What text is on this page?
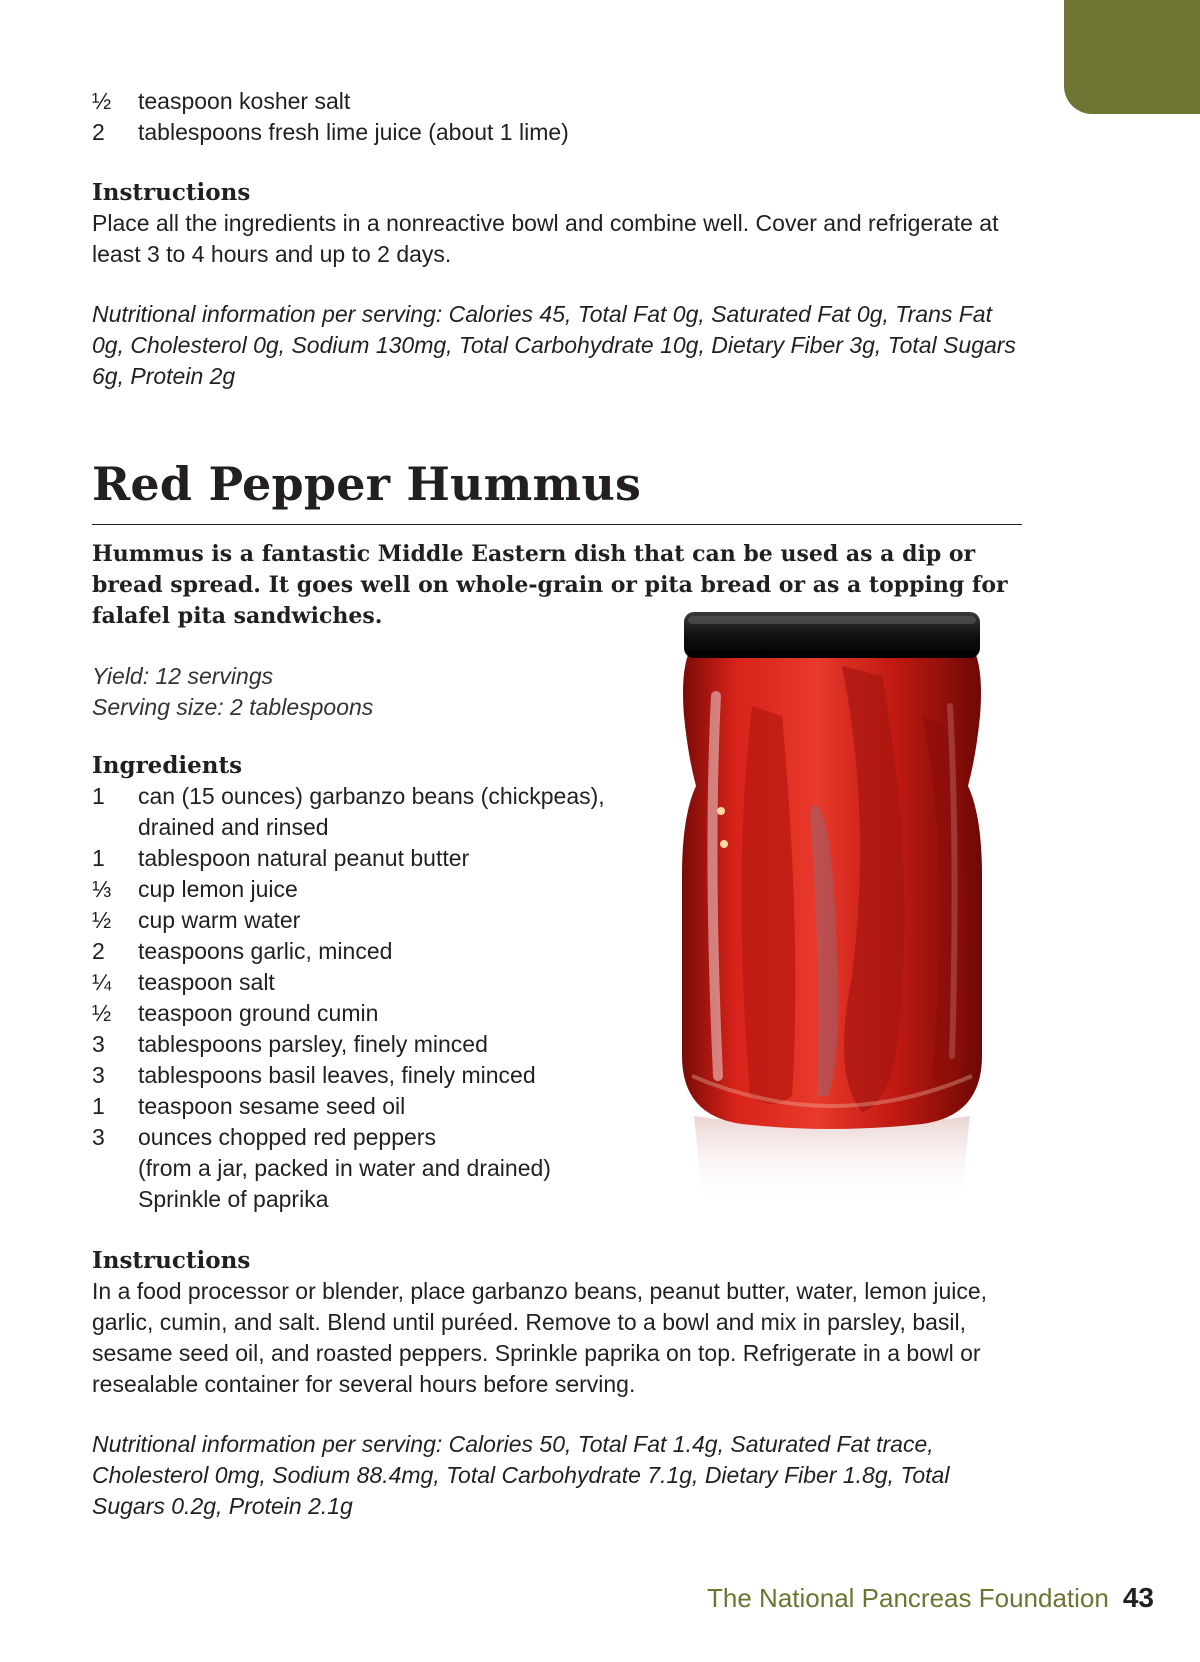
½	teaspoon kosher salt
2	tablespoons fresh lime juice (about 1 lime)
Instructions

Place all the ingredients in a nonreactive bowl and combine well. Cover and refrigerate at least 3 to 4 hours and up to 2 days.

Nutritional information per serving: Calories 45, Total Fat 0g, Saturated Fat 0g, Trans Fat 0g, Cholesterol 0g, Sodium 130mg, Total Carbohydrate 10g, Dietary Fiber 3g, Total Sugars 6g, Protein 2g

Red Pepper Hummus

Hummus is a fantastic Middle Eastern dish that can be used as a dip or bread spread. It goes well on whole-grain or pita bread or as a topping for falafel pita sandwiches.

Yield: 12 servings
Serving size: 2 tablespoons
Ingredients
1	can (15 ounces) garbanzo beans (chickpeas),
drained and rinsed
1	tablespoon natural peanut butter
⅓	cup lemon juice
½	cup warm water
2	teaspoons garlic, minced
¼	teaspoon salt
½	teaspoon ground cumin
3	tablespoons parsley, finely minced
3	tablespoons basil leaves, finely minced
1	teaspoon sesame seed oil
3	ounces chopped red peppers
(from a jar, packed in water and drained)
Sprinkle of paprika
Instructions

In a food processor or blender, place garbanzo beans, peanut butter, water, lemon juice, garlic, cumin, and salt. Blend until puréed. Remove to a bowl and mix in parsley, basil, sesame seed oil, and roasted peppers. Sprinkle paprika on top. Refrigerate in a bowl or resealable container for several hours before serving.

Nutritional information per serving: Calories 50, Total Fat 1.4g, Saturated Fat trace, Cholesterol 0mg, Sodium 88.4mg, Total Carbohydrate 7.1g, Dietary Fiber 1.8g, Total Sugars 0.2g, Protein 2.1g

The National Pancreas Foundation 43
